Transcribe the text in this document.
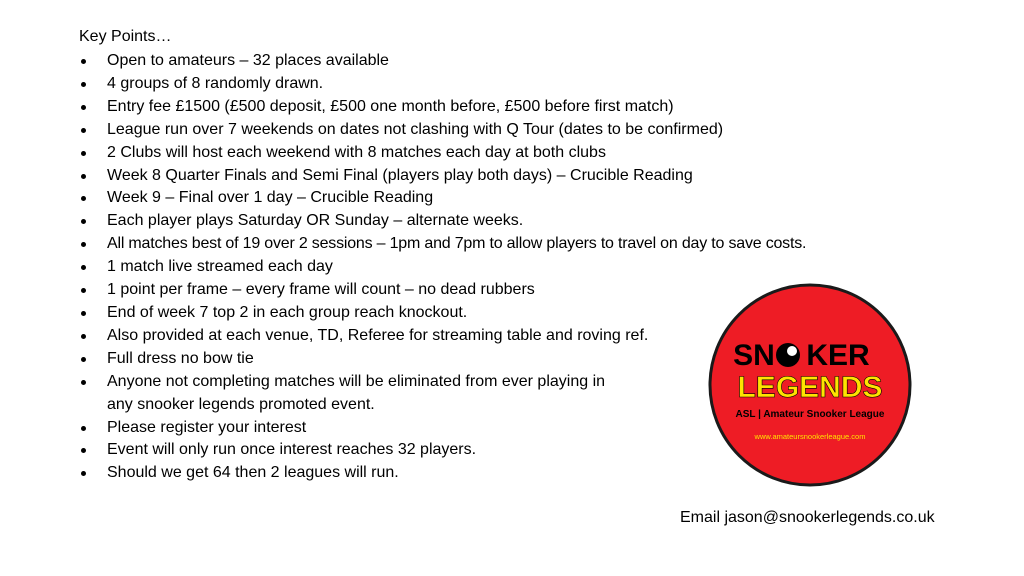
Key Points…
Open to amateurs – 32 places available
4 groups of 8 randomly drawn.
Entry fee £1500 (£500 deposit, £500 one month before, £500 before first match)
League run over 7 weekends on dates not clashing with Q Tour (dates to be confirmed)
2 Clubs will host each weekend with 8 matches each day at both clubs
Week 8 Quarter Finals and Semi Final (players play both days) – Crucible Reading
Week 9 – Final over 1 day – Crucible Reading
Each player plays Saturday OR Sunday – alternate weeks.
All matches best of 19 over 2 sessions – 1pm and 7pm to allow players to travel on day to save costs.
1 match live streamed each day
1 point per frame – every frame will count – no dead rubbers
End of week 7 top 2 in each group reach knockout.
Also provided at each venue, TD, Referee for streaming table and roving ref.
Full dress no bow tie
Anyone not completing matches will be eliminated from ever playing in
any snooker legends promoted event.
Please register your interest
Event will only run once interest reaches 32 players.
Should we get 64 then 2 leagues will run.
SN KER
LEGENDS
ASL | Amateur Snooker League
www.amateursnookerleague.com
Email jason@snookerlegends.co.uk
